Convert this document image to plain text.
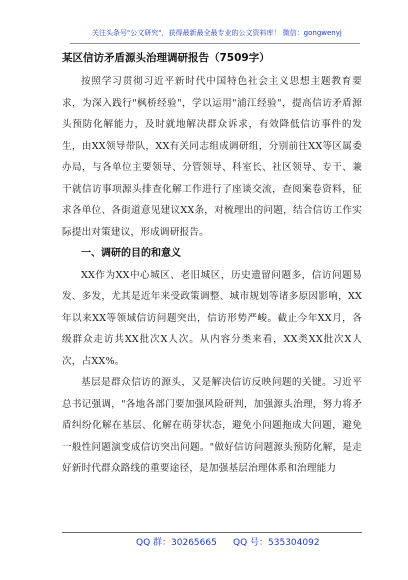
关注头条号"公文研究"，获得最新最全最专业的公文资料库！ 微信：gongwenyj
某区信访矛盾源头治理调研报告（7509字）

按照学习贯彻习近平新时代中国特色社会主义思想主题教育要求，为深入践行"枫桥经验"，学以运用"浦江经验"，提高信访矛盾源头预防化解能力，及时就地解决群众诉求，有效降低信访事件的发生，由XX领导带队，XX有关同志组成调研组，分别前往XX等区属委办局，与各单位主要领导、分管领导、科室长、社区领导、专干、兼干就信访事项源头排查化解工作进行了座谈交流，查阅案卷资料，征求各单位、各街道意见建议XX条，对梳理出的问题，结合信访工作实际提出对策建议，形成调研报告。

一、调研的目的和意义

XX作为XX中心城区、老旧城区，历史遗留问题多，信访问题易发、多发，尤其是近年来受政策调整、城市规划等诸多原因影响，XX年以来XX等领域信访问题突出，信访形势严峻。截止今年XX月，各级群众走访共XX批次X人次。从内容分类来看，XX类XX批次X人次，占XX%。

基层是群众信访的源头，又是解决信访反映问题的关键。习近平总书记强调，"各地各部门要加强风险研判，加强源头治理，努力将矛盾纠纷化解在基层、化解在萌芽状态，避免小问题拖成大问题，避免一般性问题演变成信访突出问题。"做好信访问题源头预防化解，是走好新时代群众路线的重要途径，是加强基层治理体系和治理能力

QQ 群：30265665 QQ 号：535304092
